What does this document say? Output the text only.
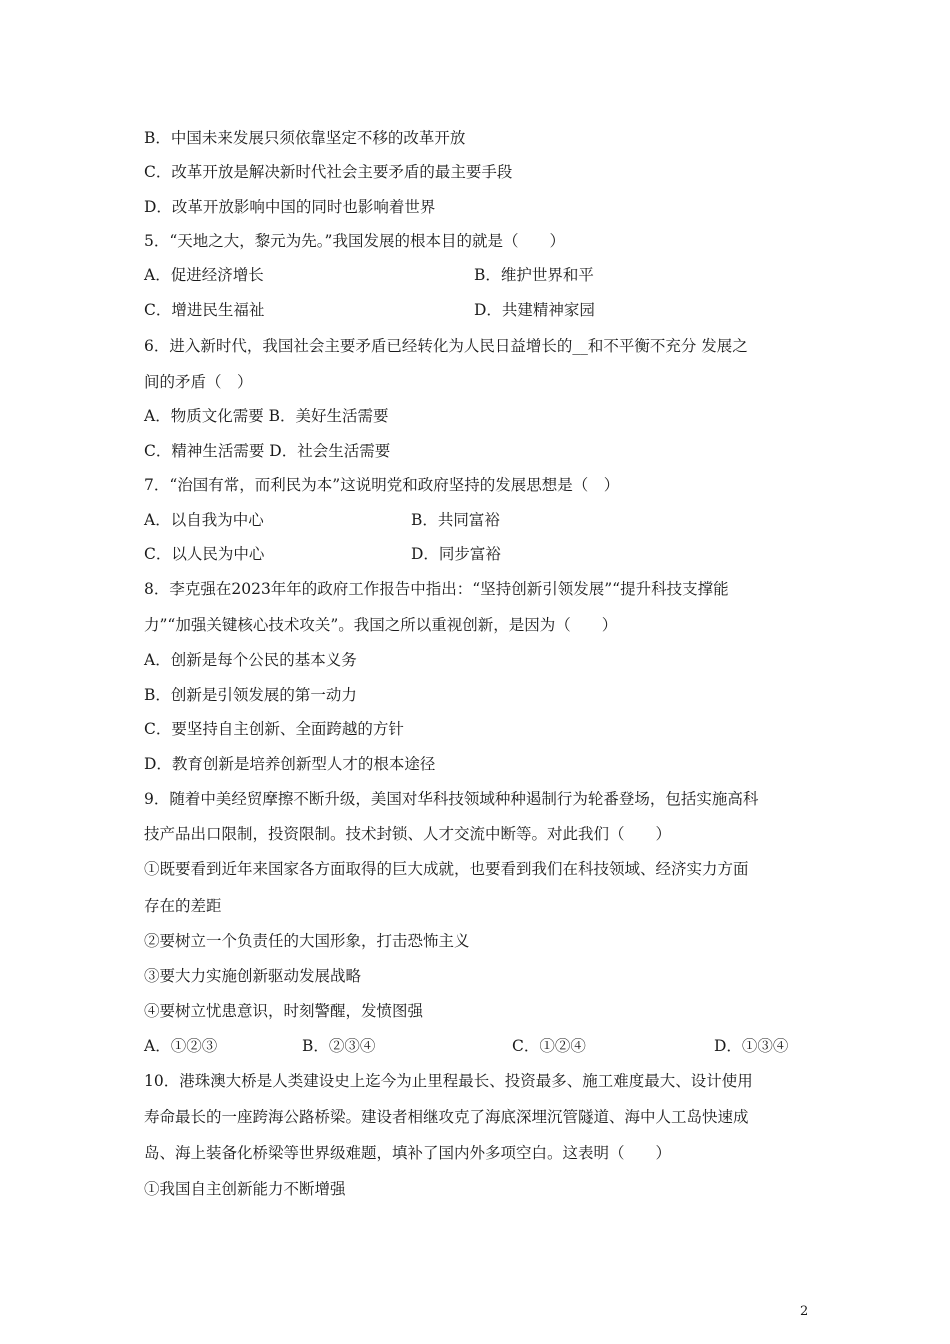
B．中国未来发展只须依靠坚定不移的改革开放
C．改革开放是解决新时代社会主要矛盾的最主要手段
D．改革开放影响中国的同时也影响着世界
5．“天地之大，黎元为先。”我国发展的根本目的就是（　　）
A．促进经济增长	B．维护世界和平
C．增进民生福祉	D．共建精神家园
6．进入新时代，我国社会主要矛盾已经转化为人民日益增长的__和不平衡不充分 发展之
间的矛盾（　）
A．物质文化需要 B．美好生活需要
C．精神生活需要 D．社会生活需要
7．“治国有常，而利民为本”这说明党和政府坚持的发展思想是（　）
A．以自我为中心	B．共同富裕
C．以人民为中心	D．同步富裕
8．李克强在2023年年的政府工作报告中指出：“坚持创新引领发展”“提升科技支撑能
力”“加强关键核心技术攻关”。我国之所以重视创新，是因为（　　）
A．创新是每个公民的基本义务
B．创新是引领发展的第一动力
C．要坚持自主创新、全面跨越的方针
D．教育创新是培养创新型人才的根本途径
9．随着中美经贸摩擦不断升级，美国对华科技领域种种遏制行为轮番登场，包括实施高科
技产品出口限制，投资限制。技术封锁、人才交流中断等。对此我们（　　）
①既要看到近年来国家各方面取得的巨大成就，也要看到我们在科技领域、经济实力方面
存在的差距
②要树立一个负责任的大国形象，打击恐怖主义
③要大力实施创新驱动发展战略
④要树立忧患意识，时刻警醒，发愤图强
A．①②③	B．②③④	C．①②④	D．①③④
10．港珠澳大桥是人类建设史上迄今为止里程最长、投资最多、施工难度最大、设计使用
寿命最长的一座跨海公路桥梁。建设者相继攻克了海底深埋沉管隧道、海中人工岛快速成
岛、海上装备化桥梁等世界级难题，填补了国内外多项空白。这表明（　　）
①我国自主创新能力不断增强
2
